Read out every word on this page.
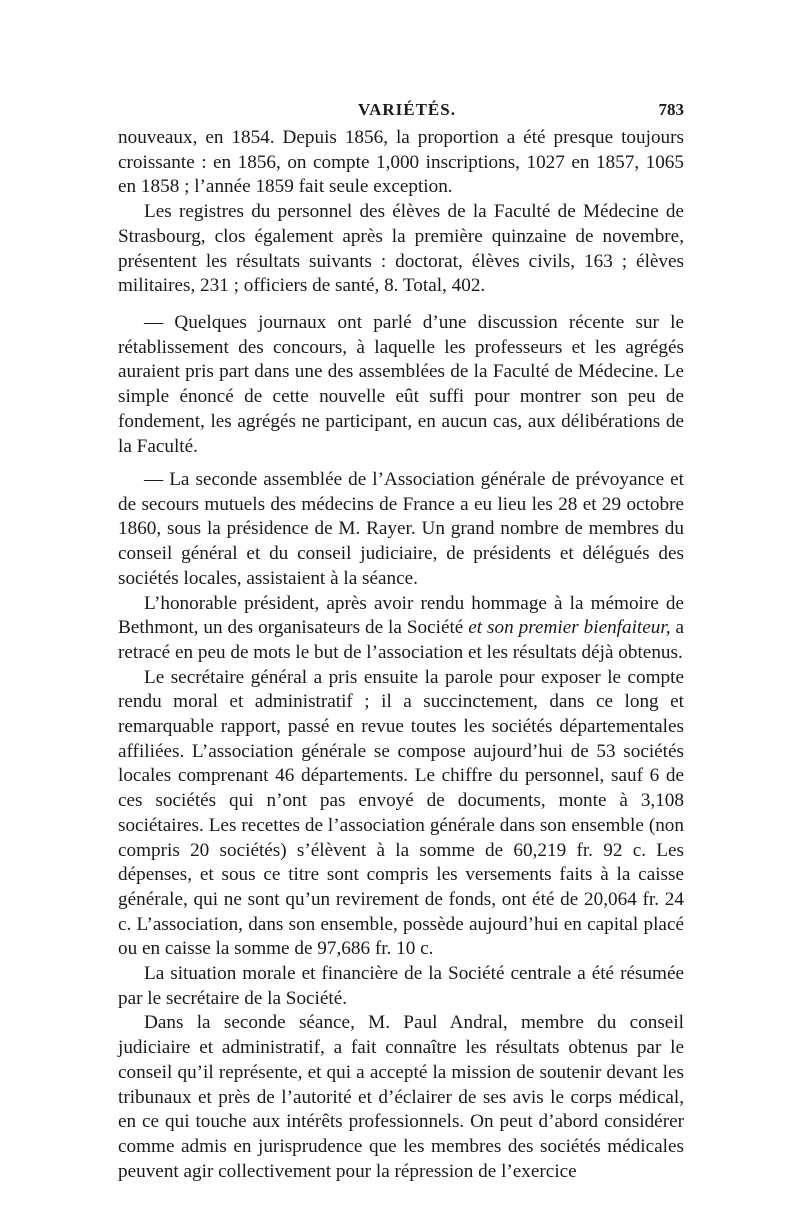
VARIÉTÉS.	783

nouveaux, en 1854. Depuis 1856, la proportion a été presque toujours croissante : en 1856, on compte 1,000 inscriptions, 1027 en 1857, 1065 en 1858 ; l’année 1859 fait seule exception.

Les registres du personnel des élèves de la Faculté de Médecine de Strasbourg, clos également après la première quinzaine de novembre, présentent les résultats suivants : doctorat, élèves civils, 163 ; élèves militaires, 231 ; officiers de santé, 8. Total, 402.

— Quelques journaux ont parlé d’une discussion récente sur le rétablissement des concours, à laquelle les professeurs et les agrégés auraient pris part dans une des assemblées de la Faculté de Médecine. Le simple énoncé de cette nouvelle eût suffi pour montrer son peu de fondement, les agrégés ne participant, en aucun cas, aux délibérations de la Faculté.

— La seconde assemblée de l’Association générale de prévoyance et de secours mutuels des médecins de France a eu lieu les 28 et 29 octobre 1860, sous la présidence de M. Rayer. Un grand nombre de membres du conseil général et du conseil judiciaire, de présidents et délégués des sociétés locales, assistaient à la séance.

L’honorable président, après avoir rendu hommage à la mémoire de Bethmont, un des organisateurs de la Société et son premier bienfaiteur, a retracé en peu de mots le but de l’association et les résultats déjà obtenus.

Le secrétaire général a pris ensuite la parole pour exposer le compte rendu moral et administratif ; il a succinctement, dans ce long et remarquable rapport, passé en revue toutes les sociétés départementales affiliées. L’association générale se compose aujourd’hui de 53 sociétés locales comprenant 46 départements. Le chiffre du personnel, sauf 6 de ces sociétés qui n’ont pas envoyé de documents, monte à 3,108 sociétaires. Les recettes de l’association générale dans son ensemble (non compris 20 sociétés) s’élèvent à la somme de 60,219 fr. 92 c. Les dépenses, et sous ce titre sont compris les versements faits à la caisse générale, qui ne sont qu’un revirement de fonds, ont été de 20,064 fr. 24 c. L’association, dans son ensemble, possède aujourd’hui en capital placé ou en caisse la somme de 97,686 fr. 10 c.

La situation morale et financière de la Société centrale a été résumée par le secrétaire de la Société.

Dans la seconde séance, M. Paul Andral, membre du conseil judiciaire et administratif, a fait connaître les résultats obtenus par le conseil qu’il représente, et qui a accepté la mission de soutenir devant les tribunaux et près de l’autorité et d’éclairer de ses avis le corps médical, en ce qui touche aux intérêts professionnels. On peut d’abord considérer comme admis en jurisprudence que les membres des sociétés médicales peuvent agir collectivement pour la répression de l’exercice
